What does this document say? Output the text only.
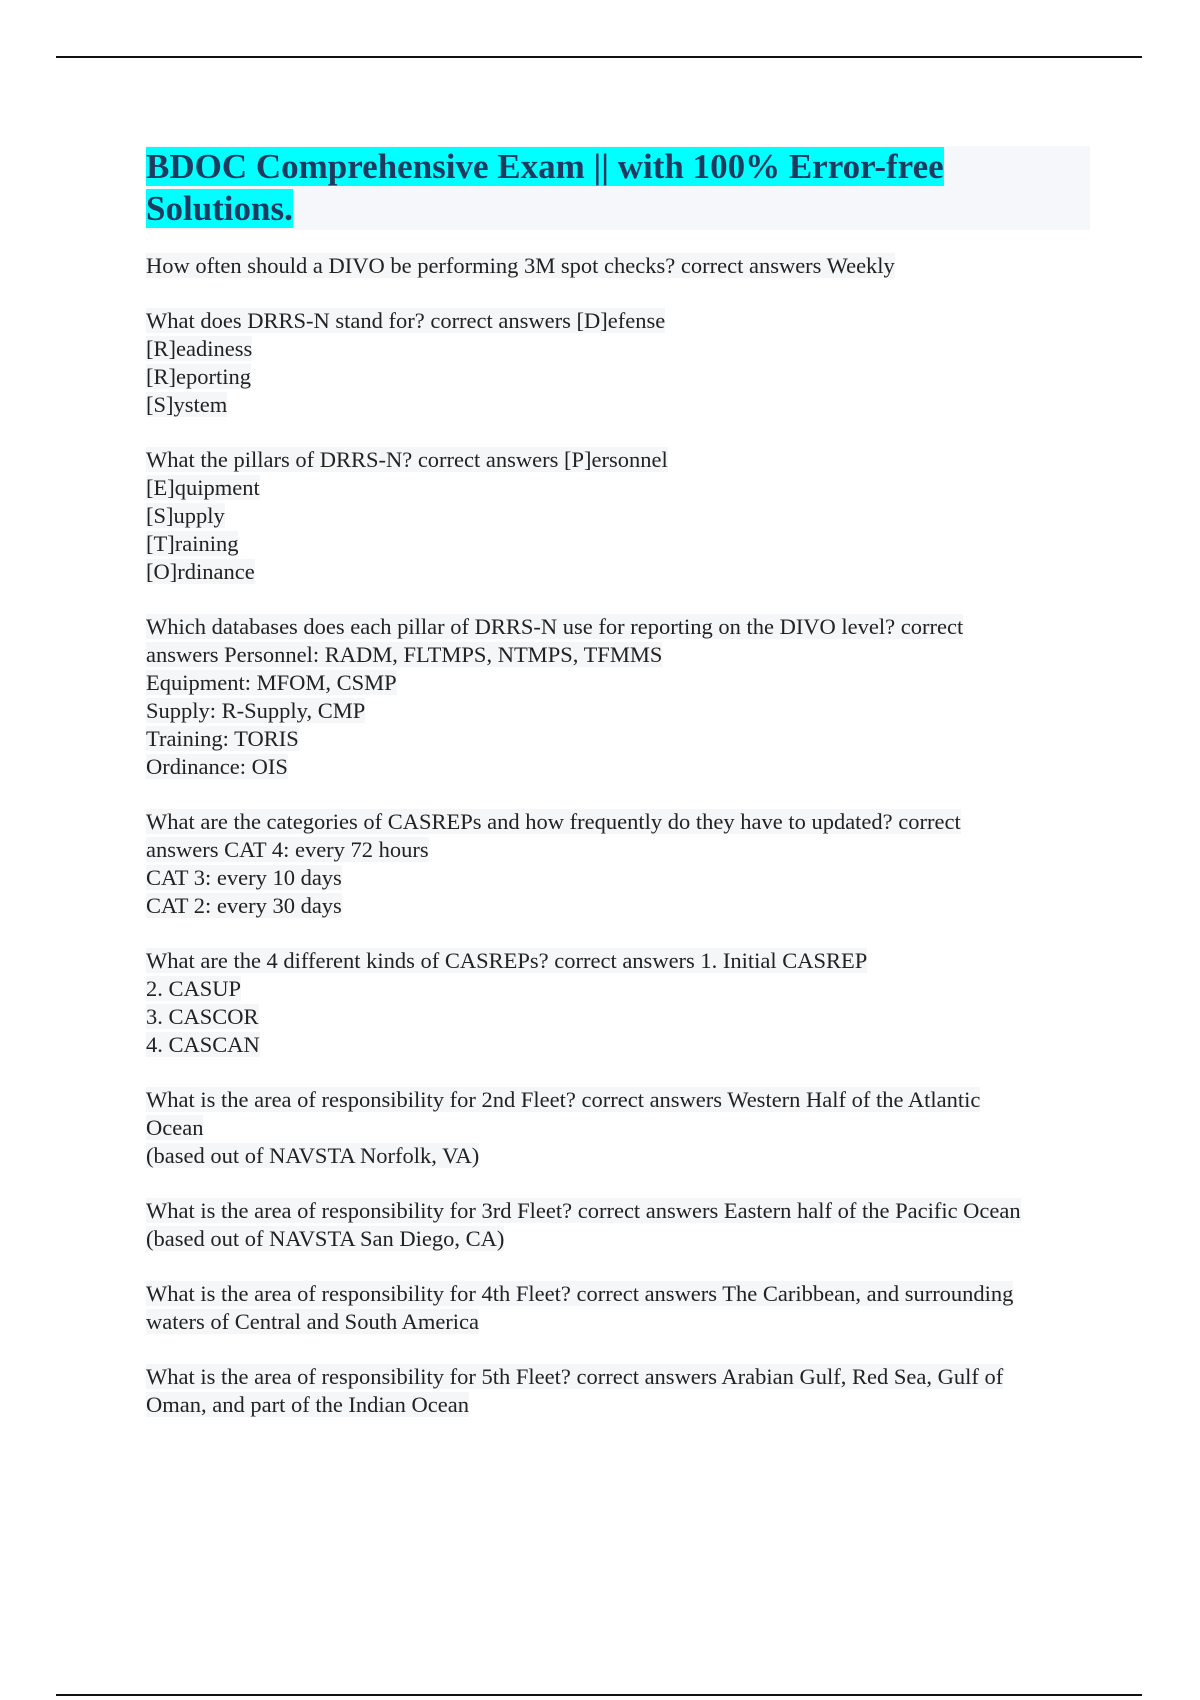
BDOC Comprehensive Exam || with 100% Error-free
Solutions.
How often should a DIVO be performing 3M spot checks? correct answers Weekly
What does DRRS-N stand for? correct answers [D]efense
[R]eadiness
[R]eporting
[S]ystem
What the pillars of DRRS-N? correct answers [P]ersonnel
[E]quipment
[S]upply
[T]raining
[O]rdinance
Which databases does each pillar of DRRS-N use for reporting on the DIVO level? correct
answers Personnel: RADM, FLTMPS, NTMPS, TFMMS
Equipment: MFOM, CSMP
Supply: R-Supply, CMP
Training: TORIS
Ordinance: OIS
What are the categories of CASREPs and how frequently do they have to updated? correct
answers CAT 4: every 72 hours
CAT 3: every 10 days
CAT 2: every 30 days
What are the 4 different kinds of CASREPs? correct answers 1. Initial CASREP
2. CASUP
3. CASCOR
4. CASCAN
What is the area of responsibility for 2nd Fleet? correct answers Western Half of the Atlantic
Ocean
(based out of NAVSTA Norfolk, VA)
What is the area of responsibility for 3rd Fleet? correct answers Eastern half of the Pacific Ocean
(based out of NAVSTA San Diego, CA)
What is the area of responsibility for 4th Fleet? correct answers The Caribbean, and surrounding
waters of Central and South America
What is the area of responsibility for 5th Fleet? correct answers Arabian Gulf, Red Sea, Gulf of
Oman, and part of the Indian Ocean
